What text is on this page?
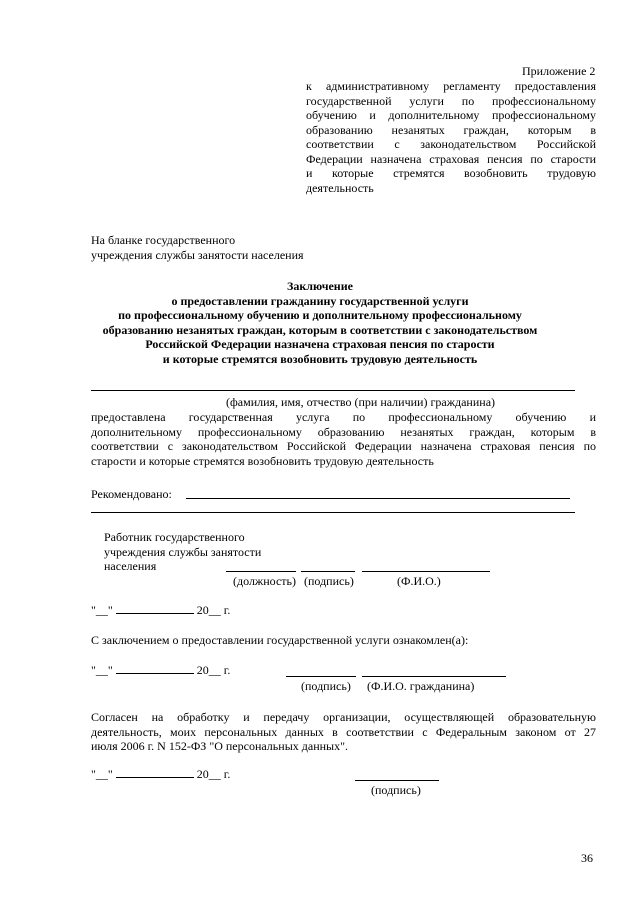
Приложение 2
к административному регламенту предоставления
государственной услуги по профессиональному
обучению и дополнительному профессиональному
образованию незанятых граждан, которым в
соответствии с законодательством Российской
Федерации назначена страховая пенсия по старости
и которые стремятся возобновить трудовую
деятельность
На бланке государственного
учреждения службы занятости населения
Заключение
о предоставлении гражданину государственной услуги
по профессиональному обучению и дополнительному профессиональному
образованию незанятых граждан, которым в соответствии с законодательством
Российской Федерации назначена страховая пенсия по старости
и которые стремятся возобновить трудовую деятельность
(фамилия, имя, отчество (при наличии) гражданина)
предоставлена государственная услуга по профессиональному обучению и
дополнительному профессиональному образованию незанятых граждан, которым в
соответствии с законодательством Российской Федерации назначена страховая пенсия по
старости и которые стремятся возобновить трудовую деятельность
Рекомендовано:
Работник государственного
учреждения службы занятости
населения
(должность) (подпись)	(Ф.И.О.)
"__"	20__ г.
С заключением о предоставлении государственной услуги ознакомлен(а):
"__"	20__ г.
(подпись) (Ф.И.О. гражданина)
Согласен на обработку и передачу организации, осуществляющей образовательную
деятельность, моих персональных данных в соответствии с Федеральным законом от 27
июля 2006 г. N 152-ФЗ "О персональных данных".
"__"	20__ г.
(подпись)
36
